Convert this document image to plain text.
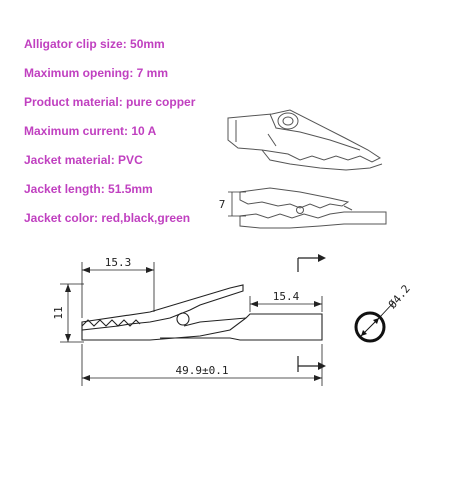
Alligator clip size: 50mm
Maximum opening: 7 mm
Product material: pure copper
Maximum current: 10 A
Jacket material: PVC
Jacket length: 51.5mm
Jacket color: red,black,green
7
15.3
15.4
11
49.9±0.1
Ø4.2
